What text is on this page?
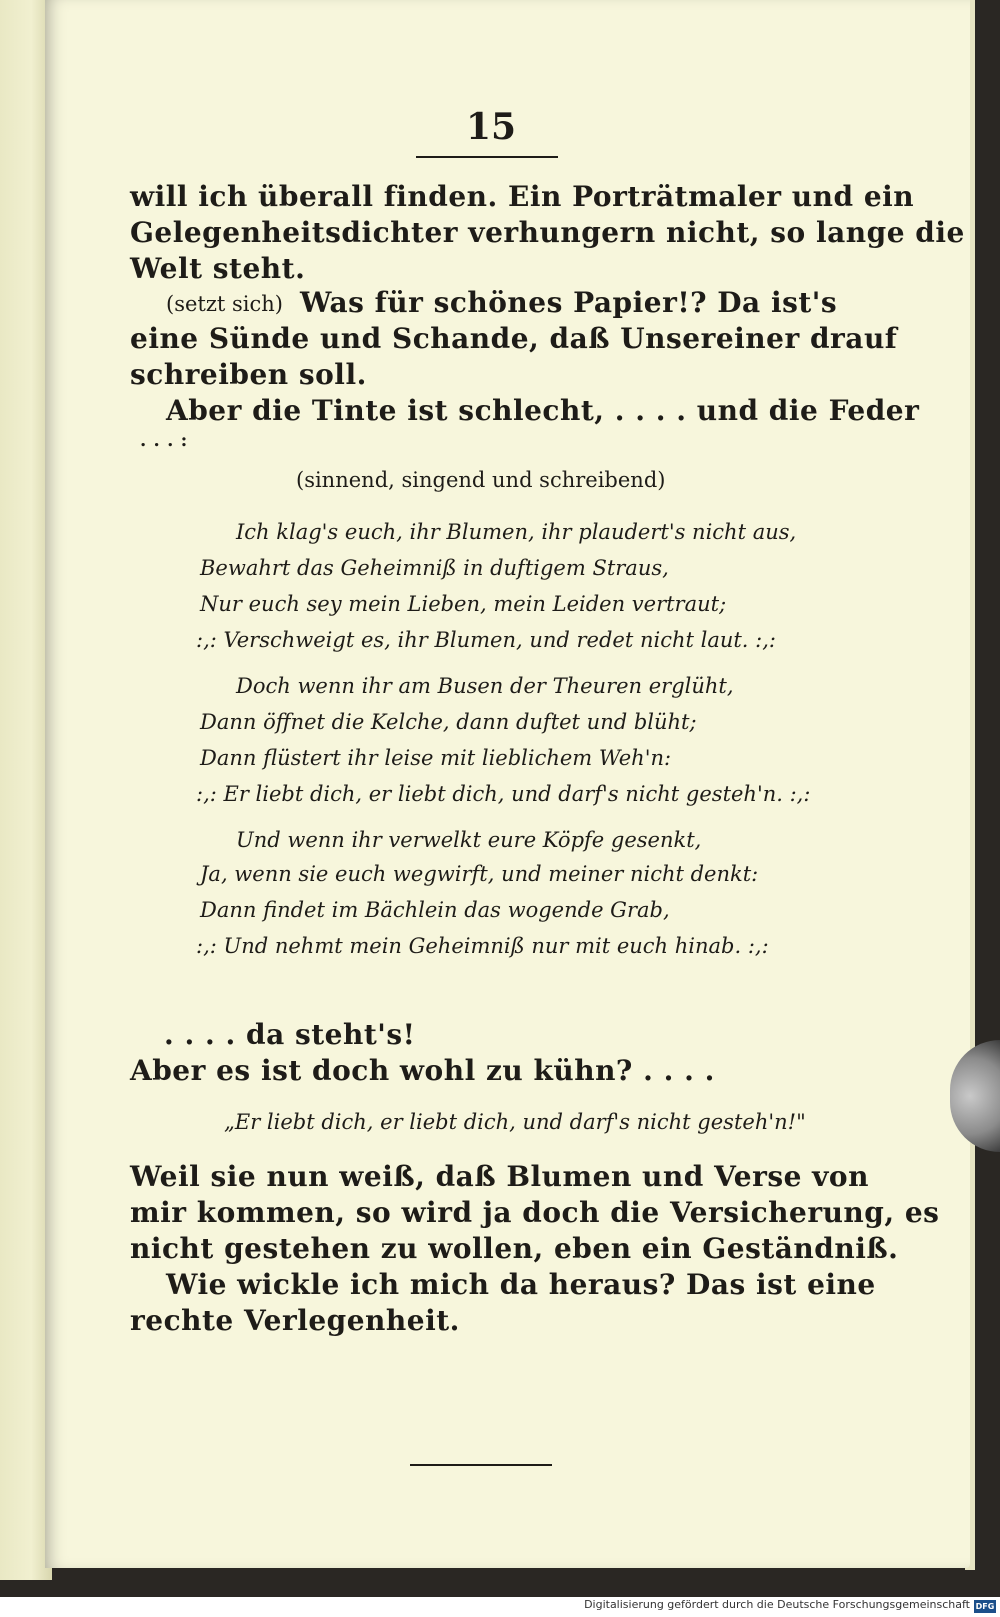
15
will ich überall finden. Ein Porträtmaler und ein
Gelegenheitsdichter verhungern nicht, so lange die
Welt steht.
(setzt sich) Was für schönes Papier!? Da ist's
eine Sünde und Schande, daß Unsereiner drauf
schreiben soll.
Aber die Tinte ist schlecht, . . . . und die Feder
. . . :
(sinnend, singend und schreibend)
Ich klag's euch, ihr Blumen, ihr plaudert's nicht aus,
Bewahrt das Geheimniß in duftigem Straus,
Nur euch sey mein Lieben, mein Leiden vertraut;
:,: Verschweigt es, ihr Blumen, und redet nicht laut. :,:
Doch wenn ihr am Busen der Theuren erglüht,
Dann öffnet die Kelche, dann duftet und blüht;
Dann flüstert ihr leise mit lieblichem Weh'n:
:,: Er liebt dich, er liebt dich, und darf's nicht gesteh'n. :,:
Und wenn ihr verwelkt eure Köpfe gesenkt,
Ja, wenn sie euch wegwirft, und meiner nicht denkt:
Dann findet im Bächlein das wogende Grab,
:,: Und nehmt mein Geheimniß nur mit euch hinab. :,:
. . . . da steht's!
Aber es ist doch wohl zu kühn? . . . .
„Er liebt dich, er liebt dich, und darf's nicht gesteh'n!"
Weil sie nun weiß, daß Blumen und Verse von
mir kommen, so wird ja doch die Versicherung, es
nicht gestehen zu wollen, eben ein Geständniß.
Wie wickle ich mich da heraus? Das ist eine
rechte Verlegenheit.
Digitalisierung gefördert durch die Deutsche Forschungsgemeinschaft DFG
